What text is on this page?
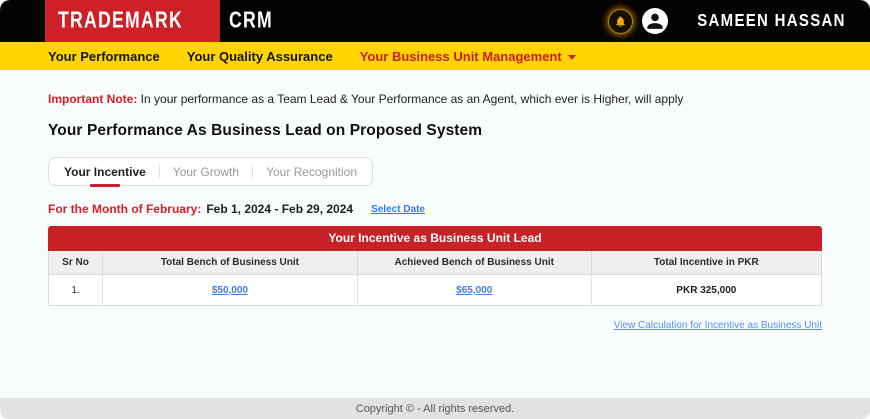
TRADEMARK CRM	SAMEEN HASSAN
Your Performance Your Quality Assurance Your Business Unit Management

Important Note: In your performance as a Team Lead & Your Performance as an Agent, which ever is Higher, will apply

Your Performance As Business Lead on Proposed System
Your Incentive	Your Growth	Your Recognition
For the Month of February: Feb 1, 2024 - Feb 29, 2024 Select Date
Your Incentive as Business Unit Lead
Sr No	Total Bench of Business Unit	Achieved Bench of Business Unit	Total Incentive in PKR
1.	$50,000	$65,000	PKR 325,000
View Calculation for Incentive as Business Unit
Copyright © - All rights reserved.
